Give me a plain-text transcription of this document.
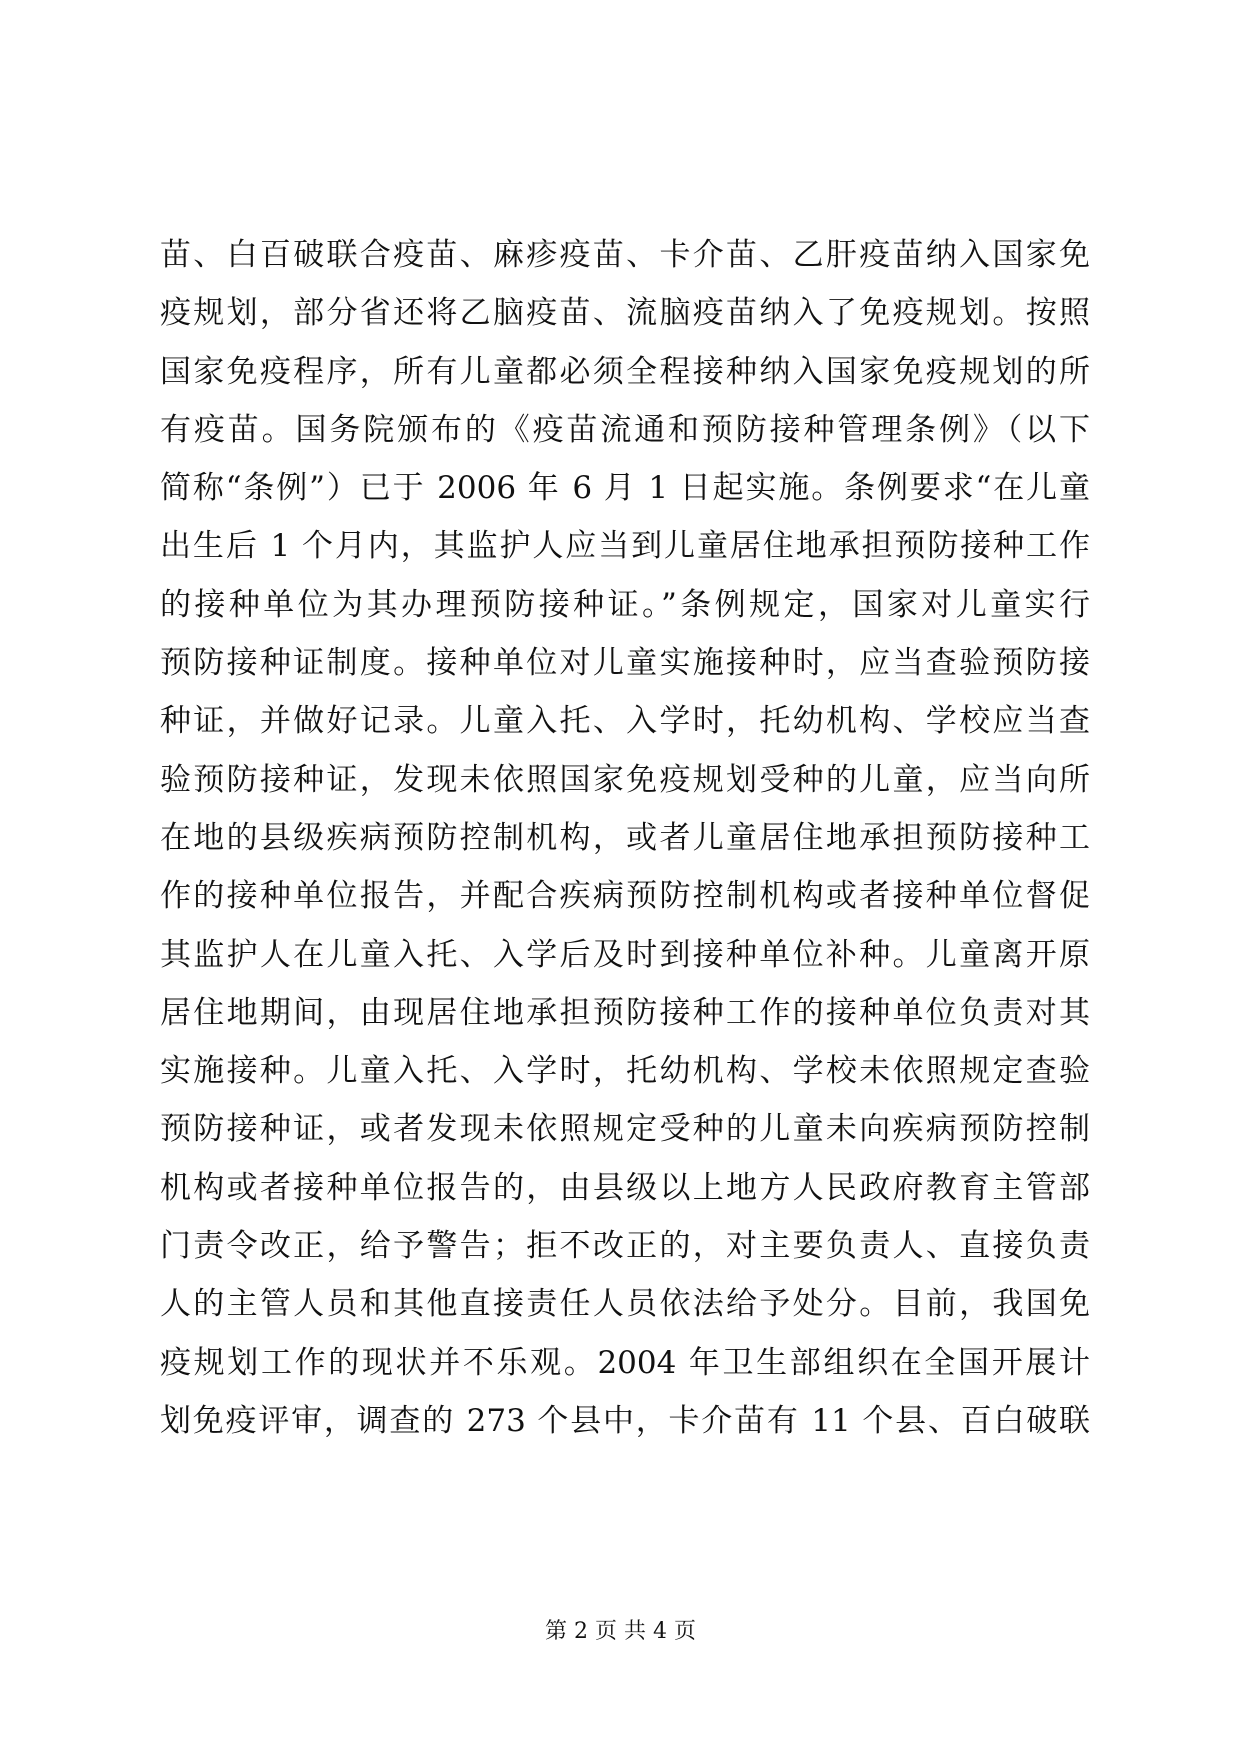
苗、白百破联合疫苗、麻疹疫苗、卡介苗、乙肝疫苗纳入国家免
疫规划，部分省还将乙脑疫苗、流脑疫苗纳入了免疫规划。按照
国家免疫程序，所有儿童都必须全程接种纳入国家免疫规划的所
有疫苗。国务院颁布的《疫苗流通和预防接种管理条例》（以下
简称“条例”）已于 2006 年 6 月 1 日起实施。条例要求“在儿童
出生后 1 个月内，其监护人应当到儿童居住地承担预防接种工作
的接种单位为其办理预防接种证。”条例规定，国家对儿童实行
预防接种证制度。接种单位对儿童实施接种时，应当查验预防接
种证，并做好记录。儿童入托、入学时，托幼机构、学校应当查
验预防接种证，发现未依照国家免疫规划受种的儿童，应当向所
在地的县级疾病预防控制机构，或者儿童居住地承担预防接种工
作的接种单位报告，并配合疾病预防控制机构或者接种单位督促
其监护人在儿童入托、入学后及时到接种单位补种。儿童离开原
居住地期间，由现居住地承担预防接种工作的接种单位负责对其
实施接种。儿童入托、入学时，托幼机构、学校未依照规定查验
预防接种证，或者发现未依照规定受种的儿童未向疾病预防控制
机构或者接种单位报告的，由县级以上地方人民政府教育主管部
门责令改正，给予警告；拒不改正的，对主要负责人、直接负责
人的主管人员和其他直接责任人员依法给予处分。目前，我国免
疫规划工作的现状并不乐观。2004 年卫生部组织在全国开展计
划免疫评审，调查的 273 个县中，卡介苗有 11 个县、百白破联
第 2 页 共 4 页
